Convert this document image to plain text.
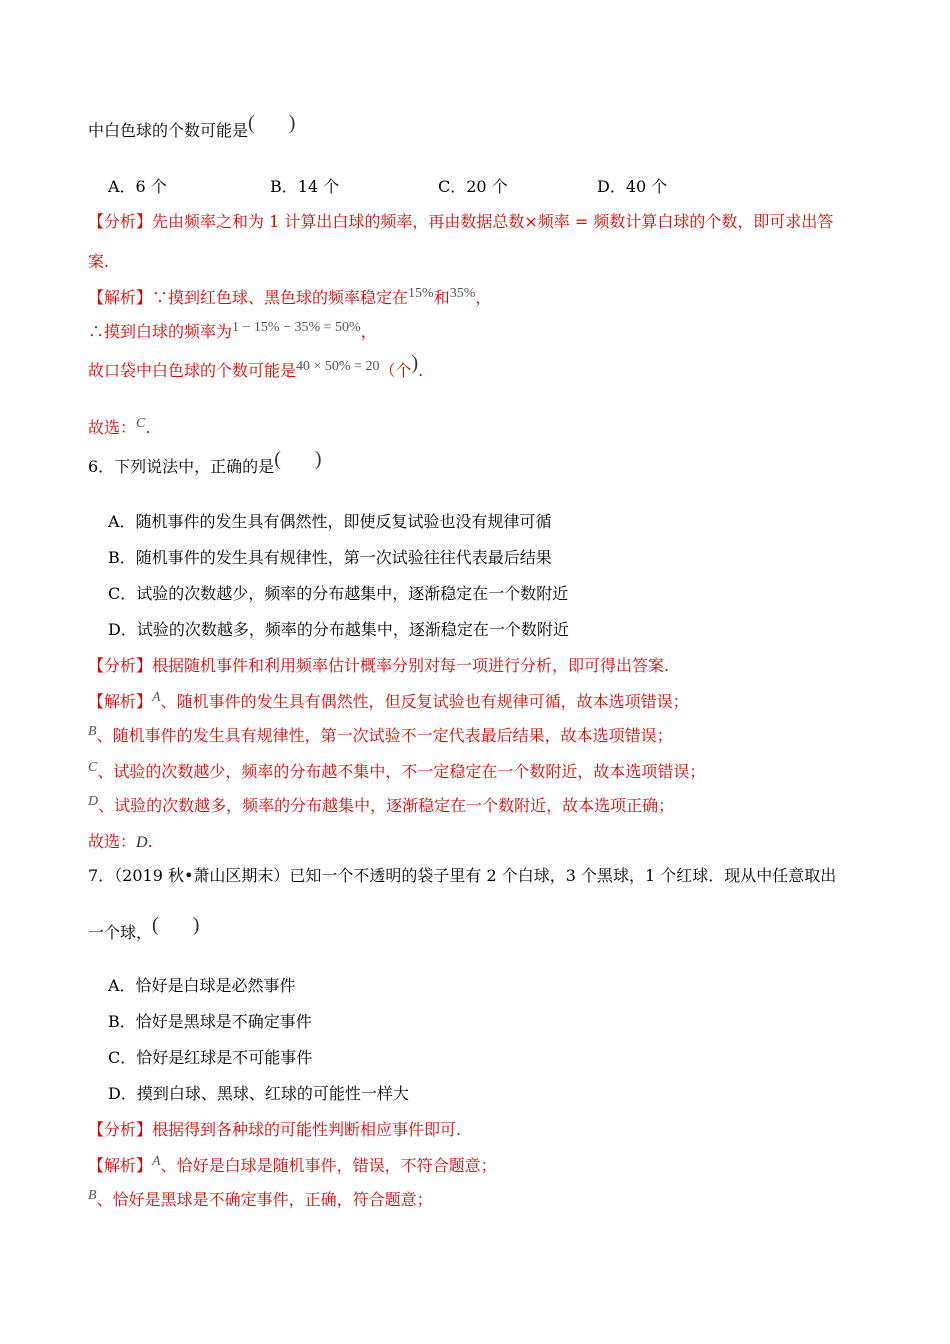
中白色球的个数可能是( )
A．6 个	B．14 个	C．20 个	D．40 个
【分析】先由频率之和为 1 计算出白球的频率，再由数据总数×频率 = 频数计算白球的个数，即可求出答
案.
【解析】∵摸到红色球、黑色球的频率稳定在15%和35%，
∴摸到白球的频率为1 − 15% − 35% = 50%，
故口袋中白色球的个数可能是40 × 50% = 20（个).
故选：C.
6．下列说法中，正确的是( )
A．随机事件的发生具有偶然性，即使反复试验也没有规律可循
B．随机事件的发生具有规律性，第一次试验往往代表最后结果
C．试验的次数越少，频率的分布越集中，逐渐稳定在一个数附近
D．试验的次数越多，频率的分布越集中，逐渐稳定在一个数附近
【分析】根据随机事件和利用频率估计概率分别对每一项进行分析，即可得出答案.
【解析】A、随机事件的发生具有偶然性，但反复试验也有规律可循，故本选项错误；
B、随机事件的发生具有规律性，第一次试验不一定代表最后结果，故本选项错误；
C、试验的次数越少，频率的分布越不集中，不一定稳定在一个数附近，故本选项错误；
D、试验的次数越多，频率的分布越集中，逐渐稳定在一个数附近，故本选项正确；
故选：D.
7．（2019 秋•萧山区期末）已知一个不透明的袋子里有 2 个白球，3 个黑球，1 个红球．现从中任意取出
一个球，( )
A．恰好是白球是必然事件
B．恰好是黑球是不确定事件
C．恰好是红球是不可能事件
D．摸到白球、黑球、红球的可能性一样大
【分析】根据得到各种球的可能性判断相应事件即可.
【解析】A、恰好是白球是随机事件，错误，不符合题意；
B、恰好是黑球是不确定事件，正确，符合题意；
